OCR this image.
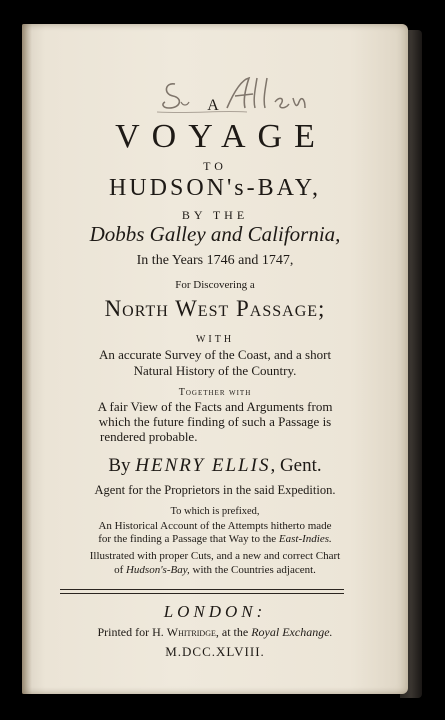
A
VOYAGE
TO
HUDSON's-BAY,
BY THE
Dobbs Galley and California,
In the Years 1746 and 1747,
For Discovering a
North West Passage;
WITH
An accurate Survey of the Coast, and a short
Natural History of the Country.
Together with
A fair View of the Facts and Arguments from
which the future finding of such a Passage is
rendered probable.
By HENRY ELLIS, Gent.
Agent for the Proprietors in the said Expedition.
To which is prefixed,
An Historical Account of the Attempts hitherto made
for the finding a Passage that Way to the East-Indies.
Illustrated with proper Cuts, and a new and correct Chart
of Hudson's-Bay, with the Countries adjacent.
LONDON:
Printed for H. Whitridge, at the Royal Exchange.
M.DCC.XLVIII.
